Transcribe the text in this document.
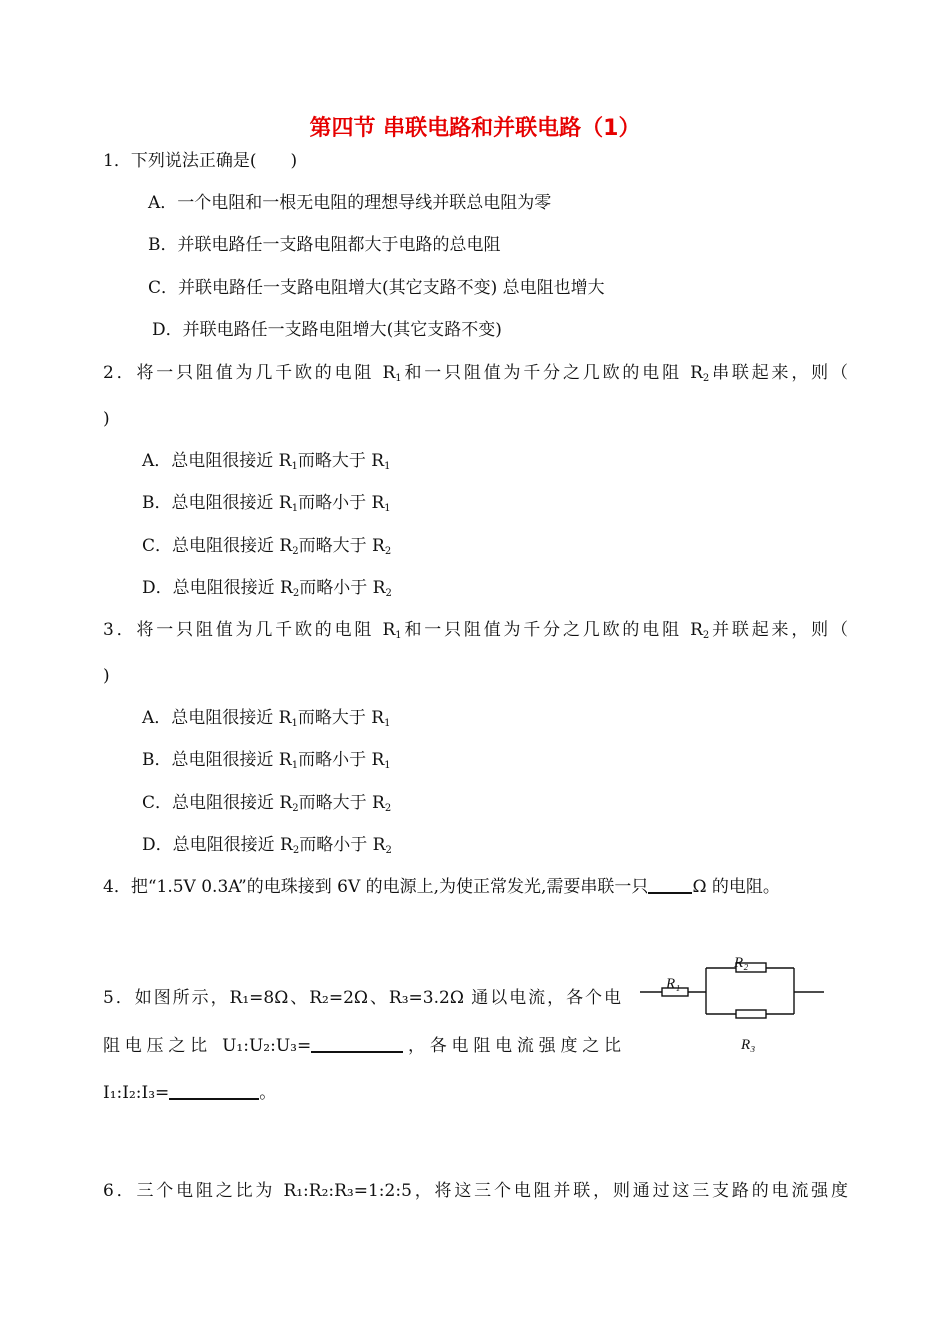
第四节 串联电路和并联电路（1）
1．下列说法正确是(　　)
A．一个电阻和一根无电阻的理想导线并联总电阻为零
B．并联电路任一支路电阻都大于电路的总电阻
C．并联电路任一支路电阻增大(其它支路不变) 总电阻也增大
D．并联电路任一支路电阻增大(其它支路不变)
2．将一只阻值为几千欧的电阻 $R_1$和一只阻值为千分之几欧的电阻 $R_2$串联起来，则（
)
A．总电阻很接近 $R_1$而略大于 $R_1$
B．总电阻很接近 $R_1$而略小于 $R_1$
C．总电阻很接近 $R_2$而略大于 $R_2$
D．总电阻很接近 $R_2$而略小于 $R_2$
3．将一只阻值为几千欧的电阻 $R_1$和一只阻值为千分之几欧的电阻 $R_2$并联起来，则（
)
A．总电阻很接近 $R_1$而略大于 $R_1$
B．总电阻很接近 $R_1$而略小于 $R_1$
C．总电阻很接近 $R_2$而略大于 $R_2$
D．总电阻很接近 $R_2$而略小于 $R_2$
4．把“1.5V 0.3A”的电珠接到 6V 的电源上,为使正常发光,需要串联一只	Ω 的电阻。
5．如图所示，R₁=8Ω、R₂=2Ω、R₃=3.2Ω 通以电流，各个电
阻电压之比 U₁:U₂:U₃=	，各电阻电流强度之比
I₁:I₂:I₃=	。
R₁
R₂
R₃
6．三个电阻之比为 R₁:R₂:R₃=1:2:5，将这三个电阻并联，则通过这三支路的电流强度
